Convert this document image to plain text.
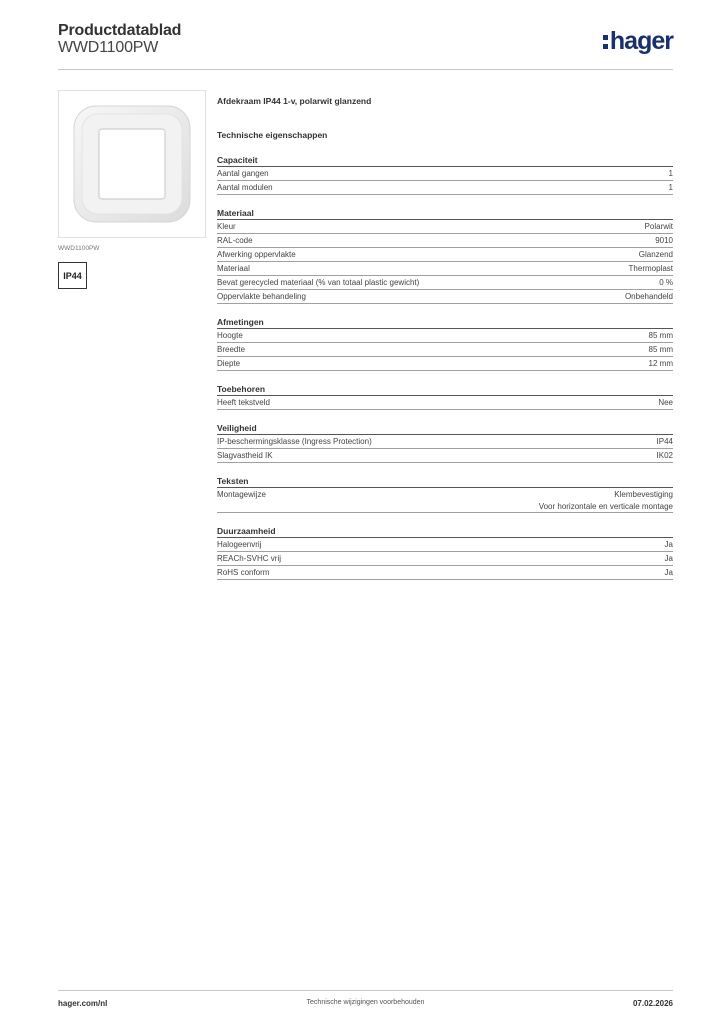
Productdatablad
WWD1100PW	hager
WWD1100PW
IP44
Afdekraam IP44 1-v, polarwit glanzend
Technische eigenschappen
Capaciteit
Aantal gangen	1
Aantal modulen	1
Materiaal
Kleur	Polarwit
RAL-code	9010
Afwerking oppervlakte	Glanzend
Materiaal	Thermoplast
Bevat gerecycled materiaal (% van totaal plastic gewicht)	0 %
Oppervlakte behandeling	Onbehandeld
Afmetingen
Hoogte	85 mm
Breedte	85 mm
Diepte	12 mm
Toebehoren
Heeft tekstveld	Nee
Veiligheid
IP-beschermingsklasse (Ingress Protection)	IP44
Slagvastheid IK	IK02
Teksten
Montagewijze	Klembevestiging
Voor horizontale en verticale montage
Duurzaamheid
Halogeenvrij	Ja
REACh-SVHC vrij	Ja
RoHS conform	Ja
hager.com/nl	Technische wijzigingen voorbehouden	07.02.2026
